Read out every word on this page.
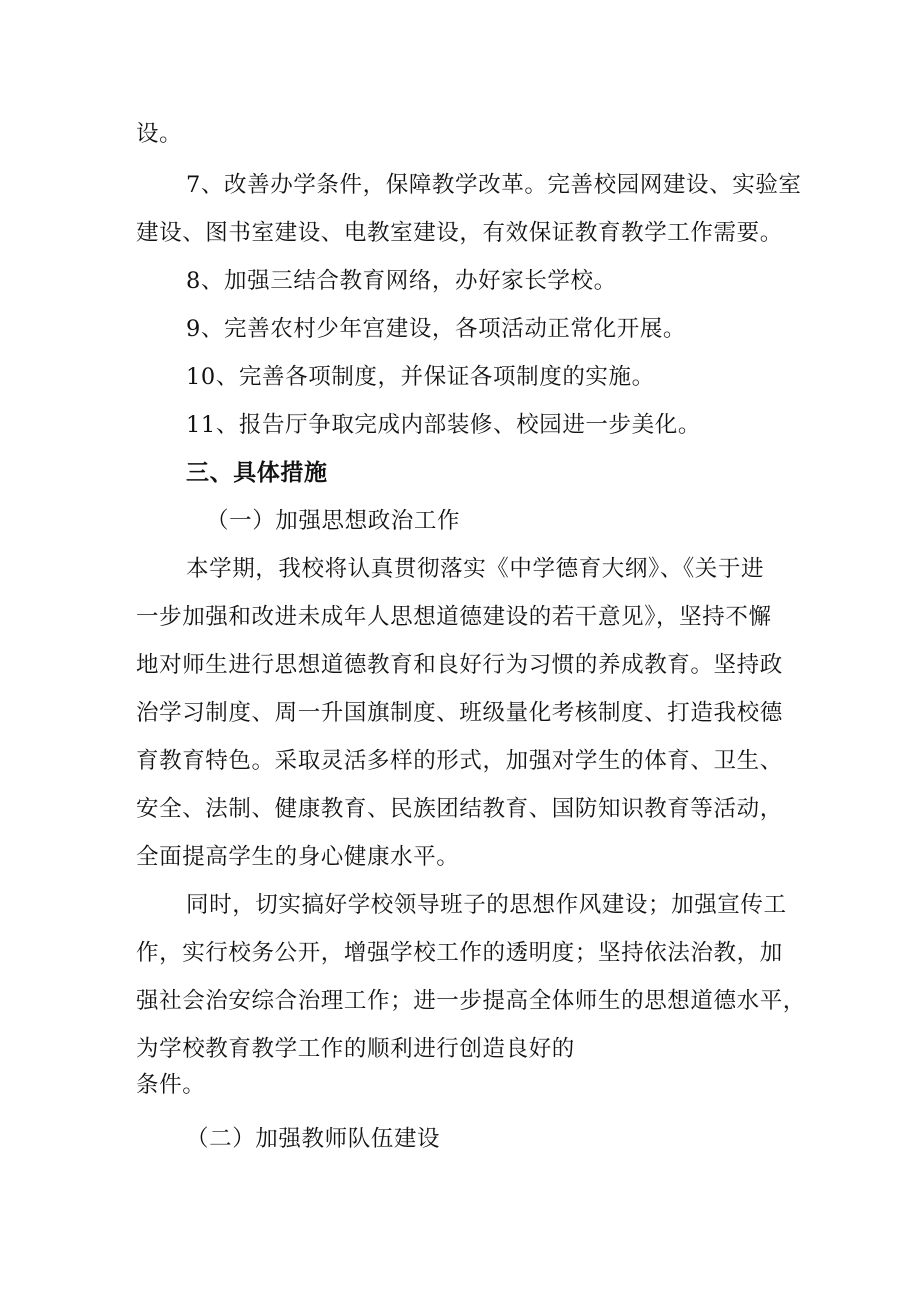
设。
7、改善办学条件，保障教学改革。完善校园网建设、实验室
建设、图书室建设、电教室建设，有效保证教育教学工作需要。
8、加强三结合教育网络，办好家长学校。
9、完善农村少年宫建设，各项活动正常化开展。
10、完善各项制度，并保证各项制度的实施。
11、报告厅争取完成内部装修、校园进一步美化。
三、具体措施
（一）加强思想政治工作
本学期，我校将认真贯彻落实《中学德育大纲》、《关于进
一步加强和改进未成年人思想道德建设的若干意见》，坚持不懈
地对师生进行思想道德教育和良好行为习惯的养成教育。坚持政
治学习制度、周一升国旗制度、班级量化考核制度、打造我校德
育教育特色。采取灵活多样的形式，加强对学生的体育、卫生、
安全、法制、健康教育、民族团结教育、国防知识教育等活动，
全面提高学生的身心健康水平。
同时，切实搞好学校领导班子的思想作风建设；加强宣传工
作，实行校务公开，增强学校工作的透明度；坚持依法治教，加
强社会治安综合治理工作；进一步提高全体师生的思想道德水平，
为学校教育教学工作的顺利进行创造良好的
条件。
（二）加强教师队伍建设
